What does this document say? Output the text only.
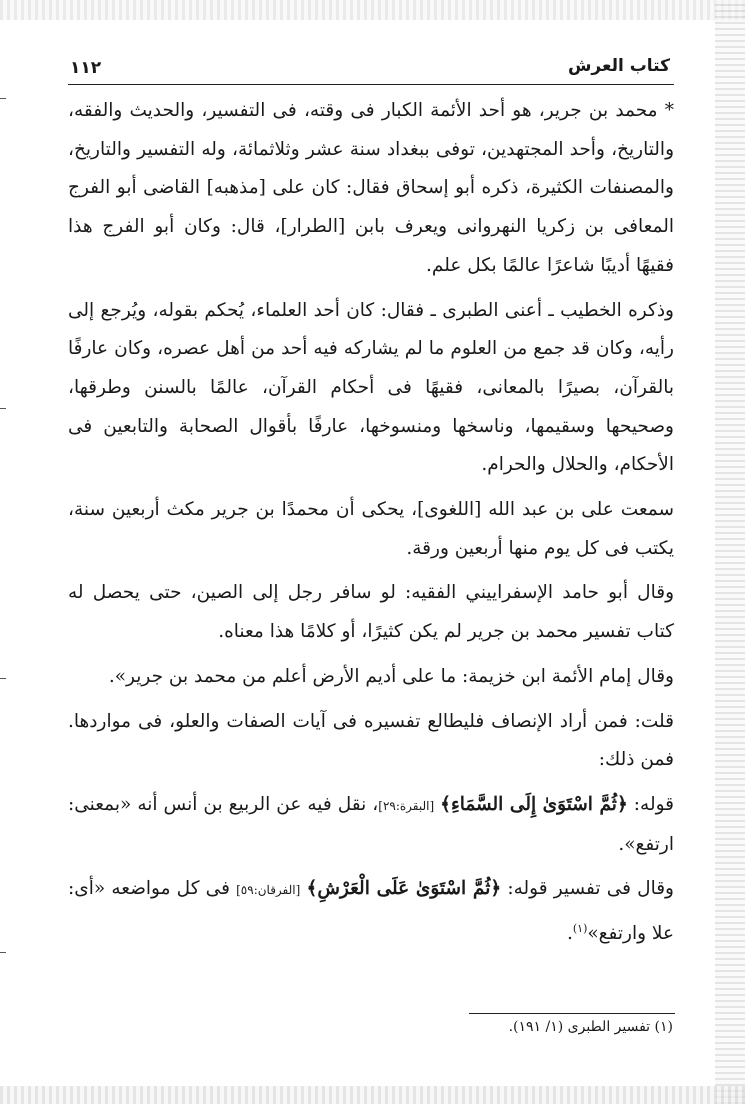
١١٢	كتاب العرش

* محمد بن جرير، هو أحد الأئمة الكبار فى وقته، فى التفسير، والحديث والفقه، والتاريخ، وأحد المجتهدين، توفى ببغداد سنة عشر وثلاثمائة، وله التفسير والتاريخ، والمصنفات الكثيرة، ذكره أبو إسحاق فقال: كان على [مذهبه] القاضى أبو الفرج المعافى بن زكريا النهروانى ويعرف بابن [الطرار]، قال: وكان أبو الفرج هذا فقيهًا أديبًا شاعرًا عالمًا بكل علم.

وذكره الخطيب ـ أعنى الطبرى ـ فقال: كان أحد العلماء، يُحكم بقوله، ويُرجع إلى رأيه، وكان قد جمع من العلوم ما لم يشاركه فيه أحد من أهل عصره، وكان عارفًا بالقرآن، بصيرًا بالمعانى، فقيهًا فى أحكام القرآن، عالمًا بالسنن وطرقها، وصحيحها وسقيمها، وناسخها ومنسوخها، عارفًا بأقوال الصحابة والتابعين فى الأحكام، والحلال والحرام.

سمعت على بن عبد الله [اللغوى]، يحكى أن محمدًا بن جرير مكث أربعين سنة، يكتب فى كل يوم منها أربعين ورقة.

وقال أبو حامد الإسفراييني الفقيه: لو سافر رجل إلى الصين، حتى يحصل له كتاب تفسير محمد بن جرير لم يكن كثيرًا، أو كلامًا هذا معناه.

وقال إمام الأئمة ابن خزيمة: ما على أديم الأرض أعلم من محمد بن جرير».

قلت: فمن أراد الإنصاف فليطالع تفسيره فى آيات الصفات والعلو، فى مواردها. فمن ذلك:

قوله: ﴿ثُمَّ اسْتَوَىٰ إِلَى السَّمَاءِ﴾ [البقرة:٢٩]، نقل فيه عن الربيع بن أنس أنه «بمعنى: ارتفع».

وقال فى تفسير قوله: ﴿ثُمَّ اسْتَوَىٰ عَلَى الْعَرْشِ﴾ [الفرقان:٥٩] فى كل مواضعه «أى: علا وارتفع»$^{(١)}$.

(١) تفسير الطبرى (١/ ١٩١).
